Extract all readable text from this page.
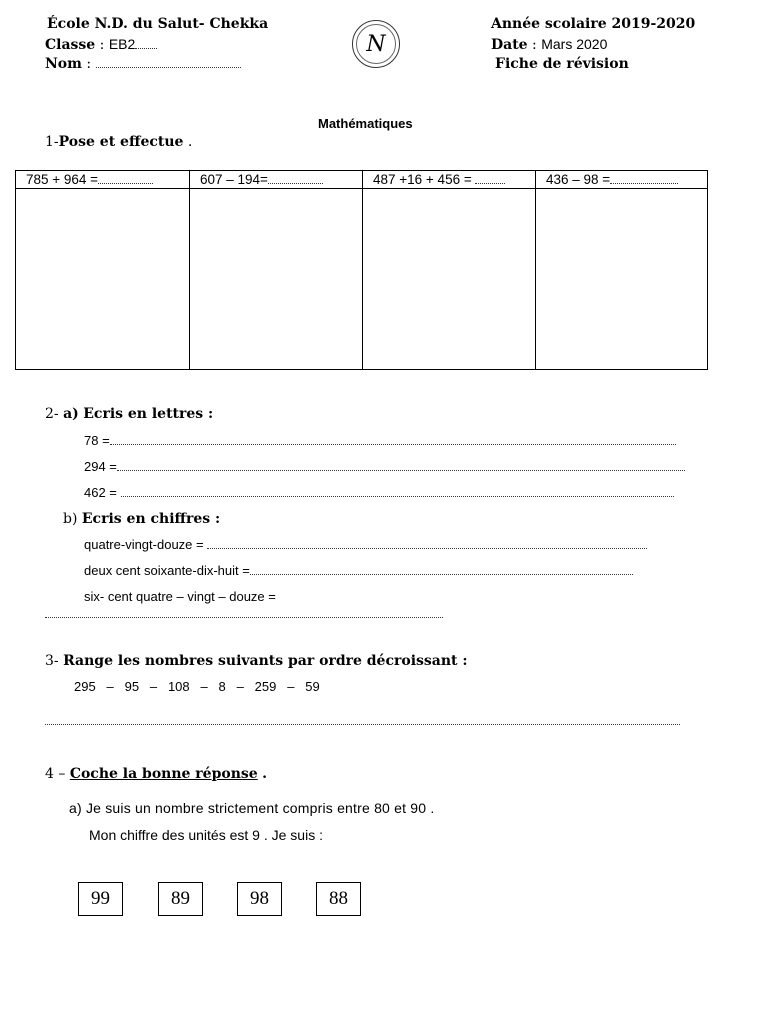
École N.D. du Salut- Chekka
Classe : EB2
Nom :
N
Année scolaire 2019-2020
Date : Mars 2020
Fiche de révision
Mathématiques
1-Pose et effectue .
785 + 964 =	607 – 194=	487 +16 + 456 =	436 – 98 =

2- a) Ecris en lettres :
78 =
294 =
462 =
b) Ecris en chiffres :
quatre-vingt-douze =
deux cent soixante-dix-huit =
six- cent quatre – vingt – douze =
3- Range les nombres suivants par ordre décroissant :
295   –   95   –   108   –   8   –   259   –   59
4 – Coche la bonne réponse .
a) Je suis un nombre strictement compris entre 80 et 90 .
Mon chiffre des unités est 9 . Je suis :
99	89	98	88
